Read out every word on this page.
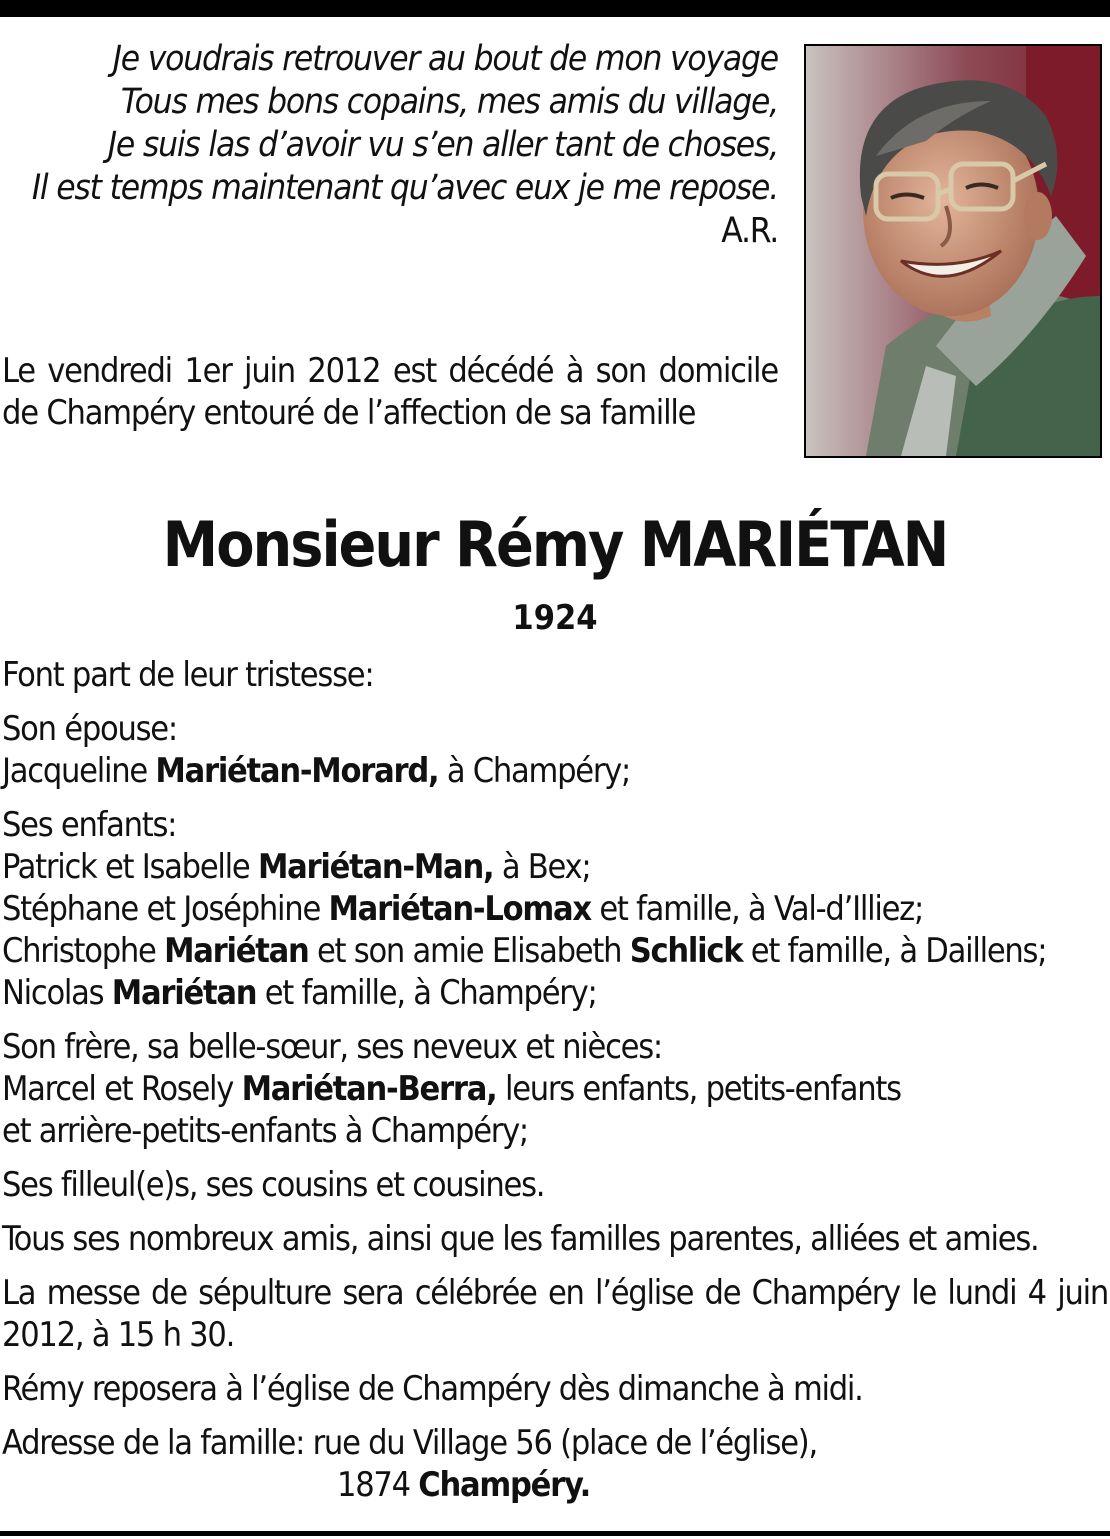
Je voudrais retrouver au bout de mon voyage
Tous mes bons copains, mes amis du village,
Je suis las d’avoir vu s’en aller tant de choses,
Il est temps maintenant qu’avec eux je me repose.
A.R.
Le vendredi 1er juin 2012 est décédé à son domicile de Champéry entouré de l’affection de sa famille
Monsieur Rémy MARIÉTAN
1924
Font part de leur tristesse:
Son épouse:
Jacqueline Mariétan-Morard, à Champéry;
Ses enfants:
Patrick et Isabelle Mariétan-Man, à Bex;
Stéphane et Joséphine Mariétan-Lomax et famille, à Val-d’Illiez;
Christophe Mariétan et son amie Elisabeth Schlick et famille, à Daillens;
Nicolas Mariétan et famille, à Champéry;
Son frère, sa belle-sœur, ses neveux et nièces:
Marcel et Rosely Mariétan-Berra, leurs enfants, petits-enfants
et arrière-petits-enfants à Champéry;
Ses filleul(e)s, ses cousins et cousines.
Tous ses nombreux amis, ainsi que les familles parentes, alliées et amies.
La messe de sépulture sera célébrée en l’église de Champéry le lundi 4 juin 2012, à 15 h 30.
Rémy reposera à l’église de Champéry dès dimanche à midi.
Adresse de la famille: rue du Village 56 (place de l’église),
1874 Champéry.
